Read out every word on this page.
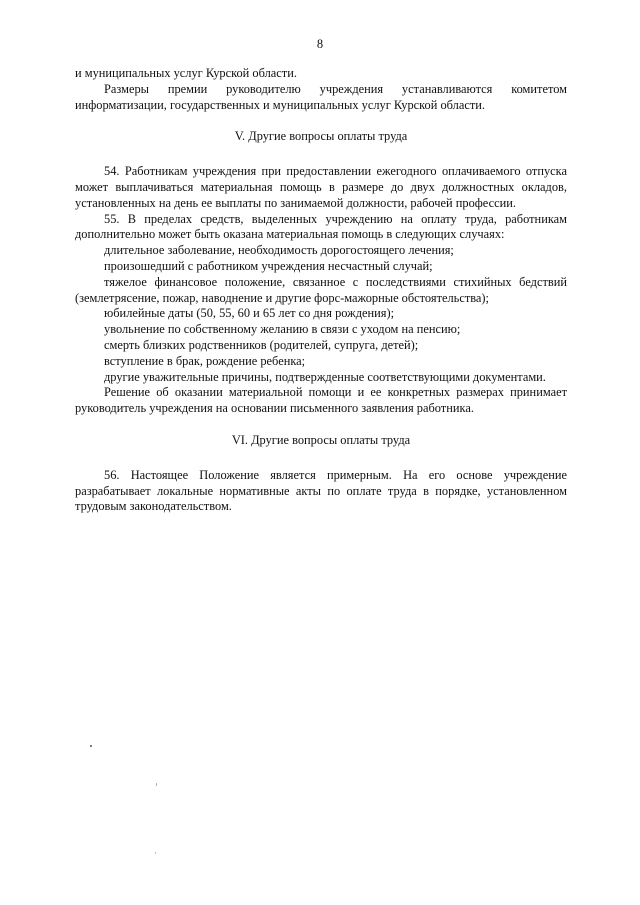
8

и муниципальных услуг Курской области.

Размеры премии руководителю учреждения устанавливаются комитетом информатизации, государственных и муниципальных услуг Курской области.

V. Другие вопросы оплаты труда

54. Работникам учреждения при предоставлении ежегодного оплачиваемого отпуска может выплачиваться материальная помощь в размере до двух должностных окладов, установленных на день ее выплаты по занимаемой должности, рабочей профессии.

55. В пределах средств, выделенных учреждению на оплату труда, работникам дополнительно может быть оказана материальная помощь в следующих случаях:

длительное заболевание, необходимость дорогостоящего лечения;

произошедший с работником учреждения несчастный случай;

тяжелое финансовое положение, связанное с последствиями стихийных бедствий (землетрясение, пожар, наводнение и другие форс-мажорные обстоятельства);

юбилейные даты (50, 55, 60 и 65 лет со дня рождения);

увольнение по собственному желанию в связи с уходом на пенсию;

смерть близких родственников (родителей, супруга, детей);

вступление в брак, рождение ребенка;

другие уважительные причины, подтвержденные соответствующими документами.

Решение об оказании материальной помощи и ее конкретных размерах принимает руководитель учреждения на основании письменного заявления работника.

VI. Другие вопросы оплаты труда

56. Настоящее Положение является примерным. На его основе учреждение разрабатывает локальные нормативные акты по оплате труда в порядке, установленном трудовым законодательством.
